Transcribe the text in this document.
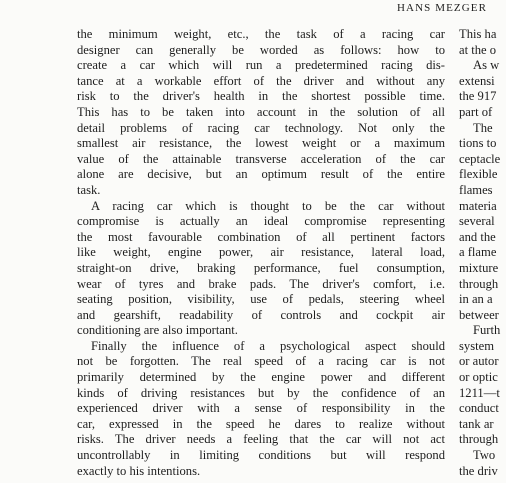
HANS MEZGER
the minimum weight, etc., the task of a racing car
designer can generally be worded as follows: how to
create a car which will run a predetermined racing dis-
tance at a workable effort of the driver and without any
risk to the driver's health in the shortest possible time.
This has to be taken into account in the solution of all
detail problems of racing car technology. Not only the
smallest air resistance, the lowest weight or a maximum
value of the attainable transverse acceleration of the car
alone are decisive, but an optimum result of the entire
task.
A racing car which is thought to be the car without
compromise is actually an ideal compromise representing
the most favourable combination of all pertinent factors
like weight, engine power, air resistance, lateral load,
straight-on drive, braking performance, fuel consumption,
wear of tyres and brake pads. The driver's comfort, i.e.
seating position, visibility, use of pedals, steering wheel
and gearshift, readability of controls and cockpit air
conditioning are also important.
Finally the influence of a psychological aspect should
not be forgotten. The real speed of a racing car is not
primarily determined by the engine power and different
kinds of driving resistances but by the confidence of an
experienced driver with a sense of responsibility in the
car, expressed in the speed he dares to realize without
risks. The driver needs a feeling that the car will not act
uncontrollably in limiting conditions but will respond
exactly to his intentions.
This ha
at the o
As w
extensi
the 917
part of
The
tions to
ceptacle
flexible
flames
materia
several
and the
a flame
mixture
through
in an a
betweer
Furth
system
or autor
or optic
1211—t
conduct
tank ar
through
Two
the driv
